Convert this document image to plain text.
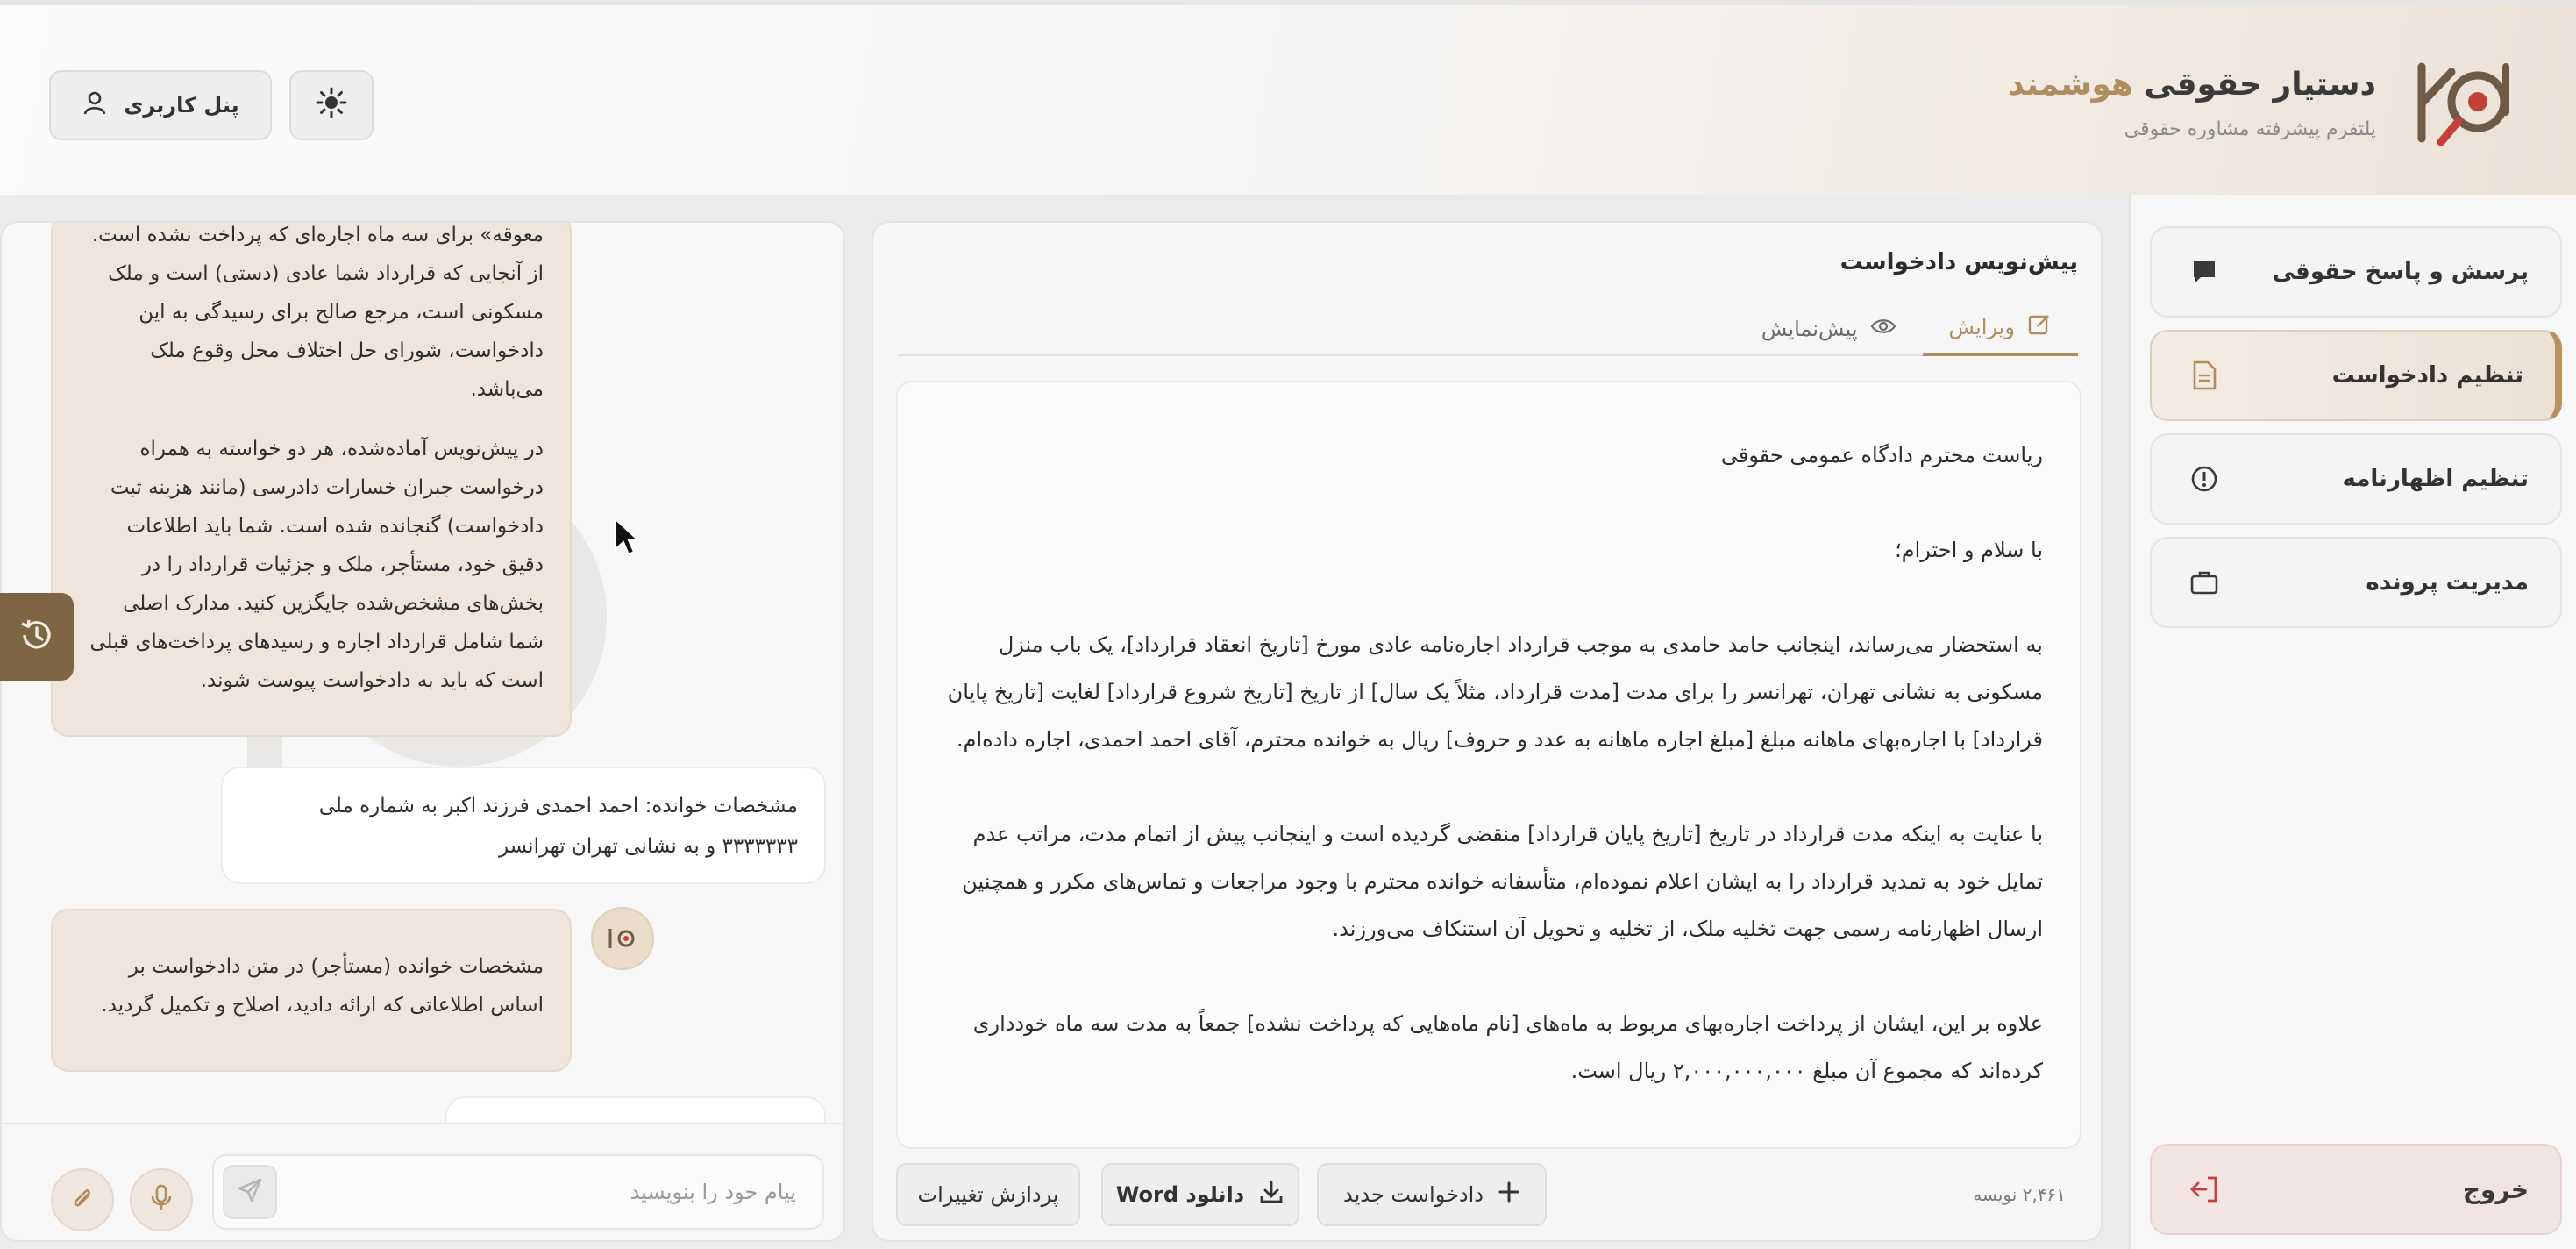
دستیار حقوقی هوشمند
پلتفرم پیشرفته مشاوره حقوقی
پنل کاربری
پرسش و پاسخ حقوقی
تنظیم دادخواست
تنظیم اظهارنامه
مدیریت پرونده
خروج
پیش‌نویس دادخواست
ویرایش
پیش‌نمایش

ریاست محترم دادگاه عمومی حقوقی

با سلام و احترام؛

به استحضار می‌رساند، اینجانب حامد حامدی به موجب قرارداد اجاره‌نامه عادی مورخ [تاریخ انعقاد قرارداد]، یک باب منزل مسکونی به نشانی تهران، تهرانسر را برای مدت [مدت قرارداد، مثلاً یک سال] از تاریخ [تاریخ شروع قرارداد] لغایت [تاریخ پایان قرارداد] با اجاره‌بهای ماهانه مبلغ [مبلغ اجاره ماهانه به عدد و حروف] ریال به خوانده محترم، آقای احمد احمدی، اجاره داده‌ام.

با عنایت به اینکه مدت قرارداد در تاریخ [تاریخ پایان قرارداد] منقضی گردیده است و اینجانب پیش از اتمام مدت، مراتب عدم تمایل خود به تمدید قرارداد را به ایشان اعلام نموده‌ام، متأسفانه خوانده محترم با وجود مراجعات و تماس‌های مکرر و همچنین ارسال اظهارنامه رسمی جهت تخلیه ملک، از تخلیه و تحویل آن استنکاف می‌ورزند.

علاوه بر این، ایشان از پرداخت اجاره‌بهای مربوط به ماه‌های [نام ماه‌هایی که پرداخت نشده] جمعاً به مدت سه ماه خودداری کرده‌اند که مجموع آن مبلغ ۲,۰۰۰,۰۰۰,۰۰۰ ریال است.

پردازش تغییرات	دانلود Word	دادخواست جدید	۲,۴۶۱ نویسه
معوقه» برای سه ماه اجاره‌ای که پرداخت نشده است.
از آنجایی که قرارداد شما عادی (دستی) است و ملک
مسکونی است، مرجع صالح برای رسیدگی به این
دادخواست، شورای حل اختلاف محل وقوع ملک
می‌باشد.
در پیش‌نویس آماده‌شده، هر دو خواسته به همراه
درخواست جبران خسارات دادرسی (مانند هزینه ثبت
دادخواست) گنجانده شده است. شما باید اطلاعات
دقیق خود، مستأجر، ملک و جزئیات قرارداد را در
بخش‌های مشخص‌شده جایگزین کنید. مدارک اصلی
شما شامل قرارداد اجاره و رسیدهای پرداخت‌های قبلی
است که باید به دادخواست پیوست شوند.
مشخصات خوانده: احمد احمدی فرزند اکبر به شماره ملی
۳۳۳۳۳۳۳ و به نشانی تهران تهرانسر
مشخصات خوانده (مستأجر) در متن دادخواست بر
اساس اطلاعاتی که ارائه دادید، اصلاح و تکمیل گردید.
پیام خود را بنویسید
